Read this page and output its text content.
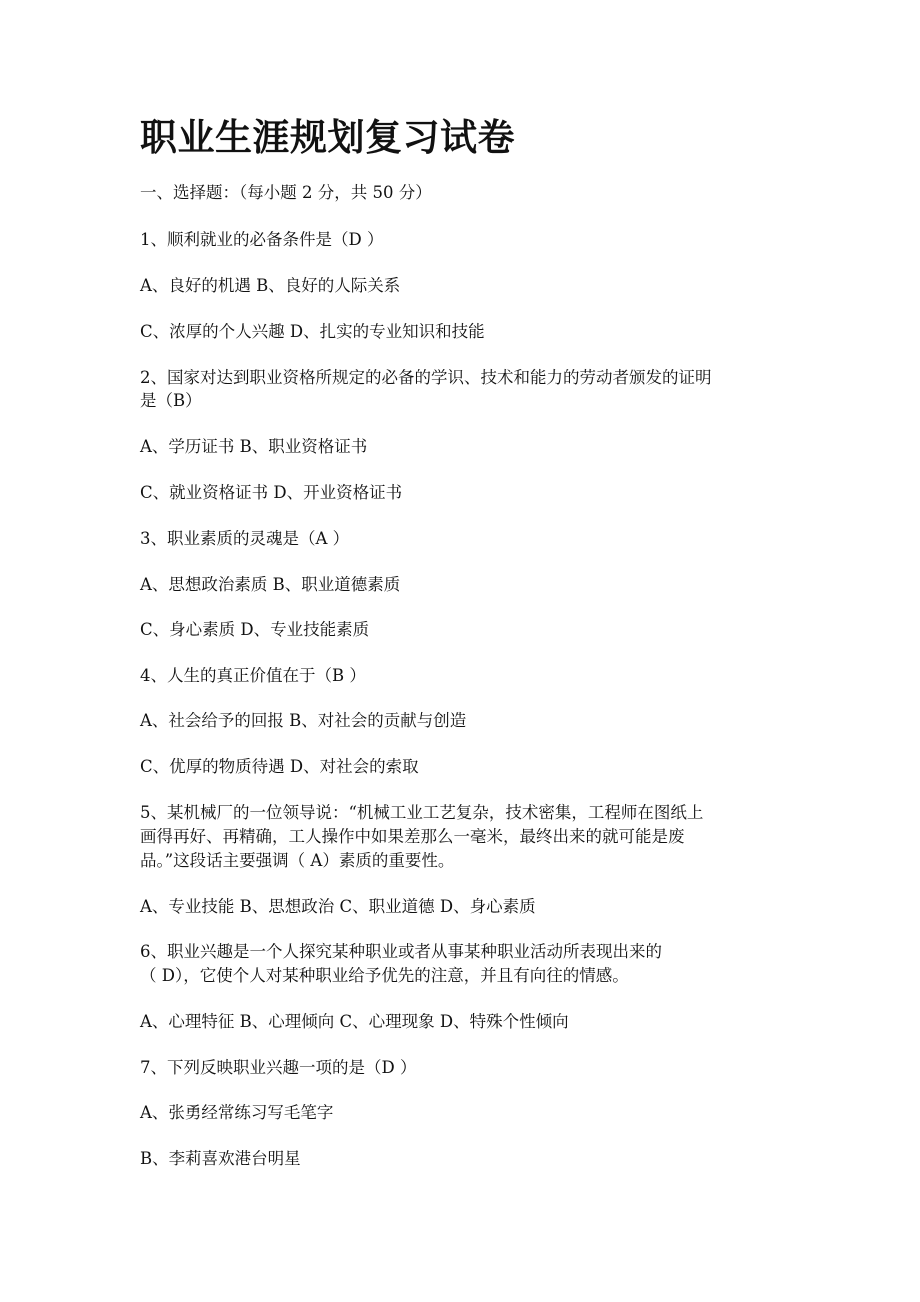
职业生涯规划复习试卷
一、选择题：（每小题 2 分，共 50 分）
1、顺利就业的必备条件是（D ）
A、良好的机遇 B、良好的人际关系
C、浓厚的个人兴趣 D、扎实的专业知识和技能
2、国家对达到职业资格所规定的必备的学识、技术和能力的劳动者颁发的证明
是（B）
A、学历证书 B、职业资格证书
C、就业资格证书 D、开业资格证书
3、职业素质的灵魂是（A ）
A、思想政治素质 B、职业道德素质
C、身心素质 D、专业技能素质
4、人生的真正价值在于（B ）
A、社会给予的回报 B、对社会的贡献与创造
C、优厚的物质待遇 D、对社会的索取
5、某机械厂的一位领导说：“机械工业工艺复杂，技术密集，工程师在图纸上
画得再好、再精确，工人操作中如果差那么一毫米，最终出来的就可能是废
品。”这段话主要强调（ A）素质的重要性。
A、专业技能 B、思想政治 C、职业道德 D、身心素质
6、职业兴趣是一个人探究某种职业或者从事某种职业活动所表现出来的
（ D），它使个人对某种职业给予优先的注意，并且有向往的情感。
A、心理特征 B、心理倾向 C、心理现象 D、特殊个性倾向
7、下列反映职业兴趣一项的是（D ）
A、张勇经常练习写毛笔字
B、李莉喜欢港台明星
